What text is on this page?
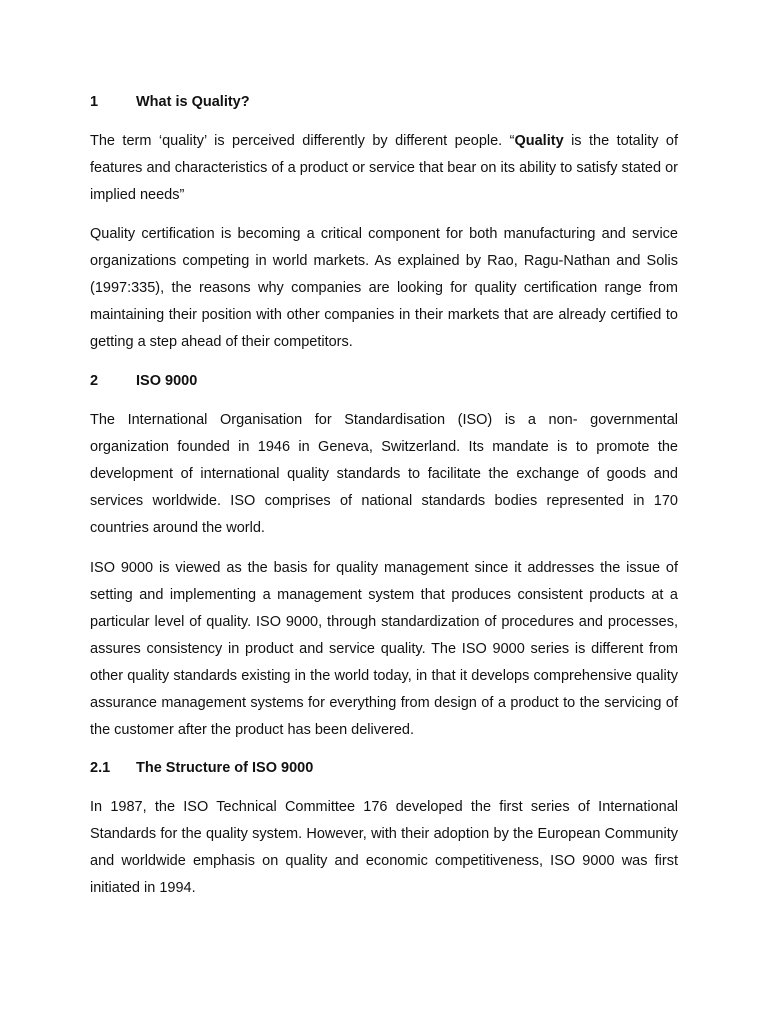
1	What is Quality?
The term ‘quality’ is perceived differently by different people. “Quality is the totality of features and characteristics of a product or service that bear on its ability to satisfy stated or implied needs”
Quality certification is becoming a critical component for both manufacturing and service organizations competing in world markets. As explained by Rao, Ragu-Nathan and Solis (1997:335), the reasons why companies are looking for quality certification range from maintaining their position with other companies in their markets that are already certified to getting a step ahead of their competitors.
2	ISO 9000
The International Organisation for Standardisation (ISO) is a non- governmental organization founded in 1946 in Geneva, Switzerland. Its mandate is to promote the development of international quality standards to facilitate the exchange of goods and services worldwide. ISO comprises of national standards bodies represented in 170 countries around the world.
ISO 9000 is viewed as the basis for quality management since it addresses the issue of setting and implementing a management system that produces consistent products at a particular level of quality. ISO 9000, through standardization of procedures and processes, assures consistency in product and service quality. The ISO 9000 series is different from other quality standards existing in the world today, in that it develops comprehensive quality assurance management systems for everything from design of a product to the servicing of the customer after the product has been delivered.
2.1	The Structure of ISO 9000
In 1987, the ISO Technical Committee 176 developed the first series of International Standards for the quality system. However, with their adoption by the European Community and worldwide emphasis on quality and economic competitiveness, ISO 9000 was first initiated in 1994.
